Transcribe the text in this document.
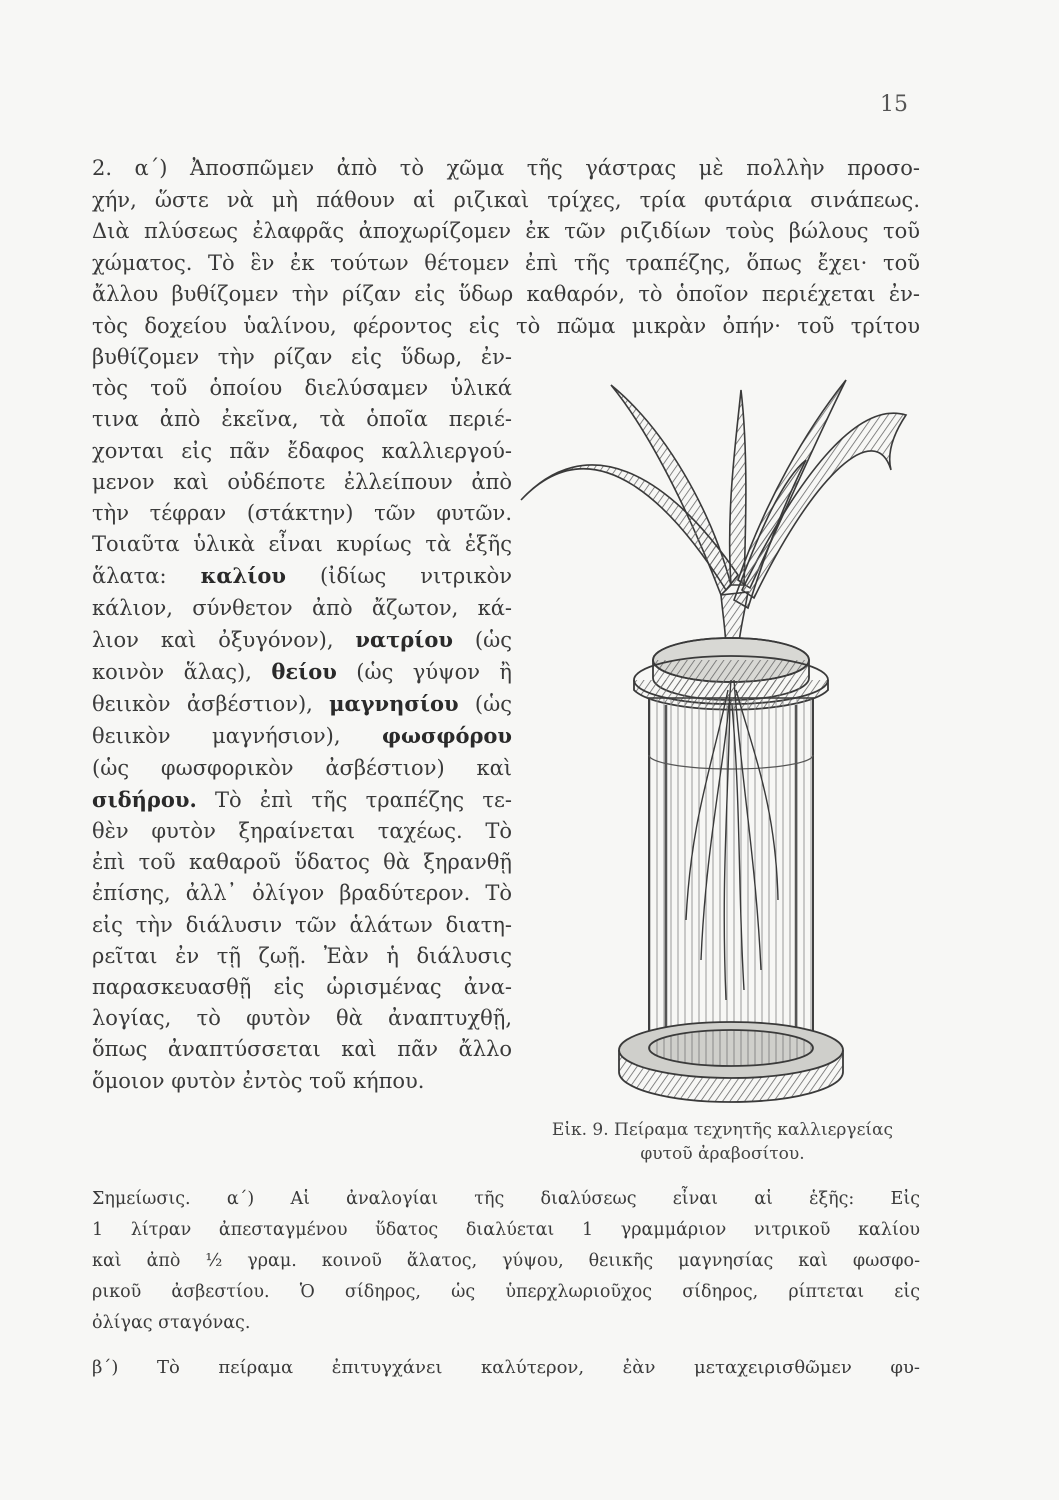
15
2. α΄) Ἀποσπῶμεν ἀπὸ τὸ χῶμα τῆς γάστρας μὲ πολλὴν προσο-
χήν, ὥστε νὰ μὴ πάθουν αἱ ριζικαὶ τρίχες, τρία φυτάρια σινάπεως.
Διὰ πλύσεως ἐλαφρᾶς ἀποχωρίζομεν ἐκ τῶν ριζιδίων τοὺς βώλους τοῦ
χώματος. Τὸ ἓν ἐκ τούτων θέτομεν ἐπὶ τῆς τραπέζης, ὅπως ἔχει· τοῦ
ἄλλου βυθίζομεν τὴν ρίζαν εἰς ὕδωρ καθαρόν, τὸ ὁποῖον περιέχεται ἐν-
τὸς δοχείου ὑαλίνου, φέροντος εἰς τὸ πῶμα μικρὰν ὀπήν· τοῦ τρίτου
βυθίζομεν τὴν ρίζαν εἰς ὕδωρ, ἐν-
τὸς τοῦ ὁποίου διελύσαμεν ὑλικά
τινα ἀπὸ ἐκεῖνα, τὰ ὁποῖα περιέ-
χονται εἰς πᾶν ἔδαφος καλλιεργού-
μενον καὶ οὐδέποτε ἐλλείπουν ἀπὸ
τὴν τέφραν (στάκτην) τῶν φυτῶν.
Τοιαῦτα ὑλικὰ εἶναι κυρίως τὰ ἑξῆς
ἅλατα: καλίου (ἰδίως νιτρικὸν
κάλιον, σύνθετον ἀπὸ ἄζωτον, κά-
λιον καὶ ὀξυγόνον), νατρίου (ὡς
κοινὸν ἅλας), θείου (ὡς γύψον ἢ
θειικὸν ἀσβέστιον), μαγνησίου (ὡς
θειικὸν μαγνήσιον), φωσφόρου
(ὡς φωσφορικὸν ἀσβέστιον) καὶ
σιδήρου. Τὸ ἐπὶ τῆς τραπέζης τε-
θὲν φυτὸν ξηραίνεται ταχέως. Τὸ
ἐπὶ τοῦ καθαροῦ ὕδατος θὰ ξηρανθῇ
ἐπίσης, ἀλλ᾽ ὀλίγον βραδύτερον. Τὸ
εἰς τὴν διάλυσιν τῶν ἁλάτων διατη-
ρεῖται ἐν τῇ ζωῇ. Ἐὰν ἡ διάλυσις
παρασκευασθῇ εἰς ὡρισμένας ἀνα-
λογίας, τὸ φυτὸν θὰ ἀναπτυχθῇ,
ὅπως ἀναπτύσσεται καὶ πᾶν ἄλλο
ὅμοιον φυτὸν ἐντὸς τοῦ κήπου.
Εἰκ. 9. Πείραμα τεχνητῆς καλλιεργείας
φυτοῦ ἀραβοσίτου.
Σημείωσις. α΄) Αἱ ἀναλογίαι τῆς διαλύσεως εἶναι αἱ ἑξῆς: Εἰς
1 λίτραν ἀπεσταγμένου ὕδατος διαλύεται 1 γραμμάριον νιτρικοῦ καλίου
καὶ ἀπὸ ½ γραμ. κοινοῦ ἅλατος, γύψου, θειικῆς μαγνησίας καὶ φωσφο-
ρικοῦ ἀσβεστίου. Ὁ σίδηρος, ὡς ὑπερχλωριοῦχος σίδηρος, ρίπτεται εἰς
ὀλίγας σταγόνας.
β΄) Τὸ πείραμα ἐπιτυγχάνει καλύτερον, ἐὰν μεταχειρισθῶμεν φυ-
